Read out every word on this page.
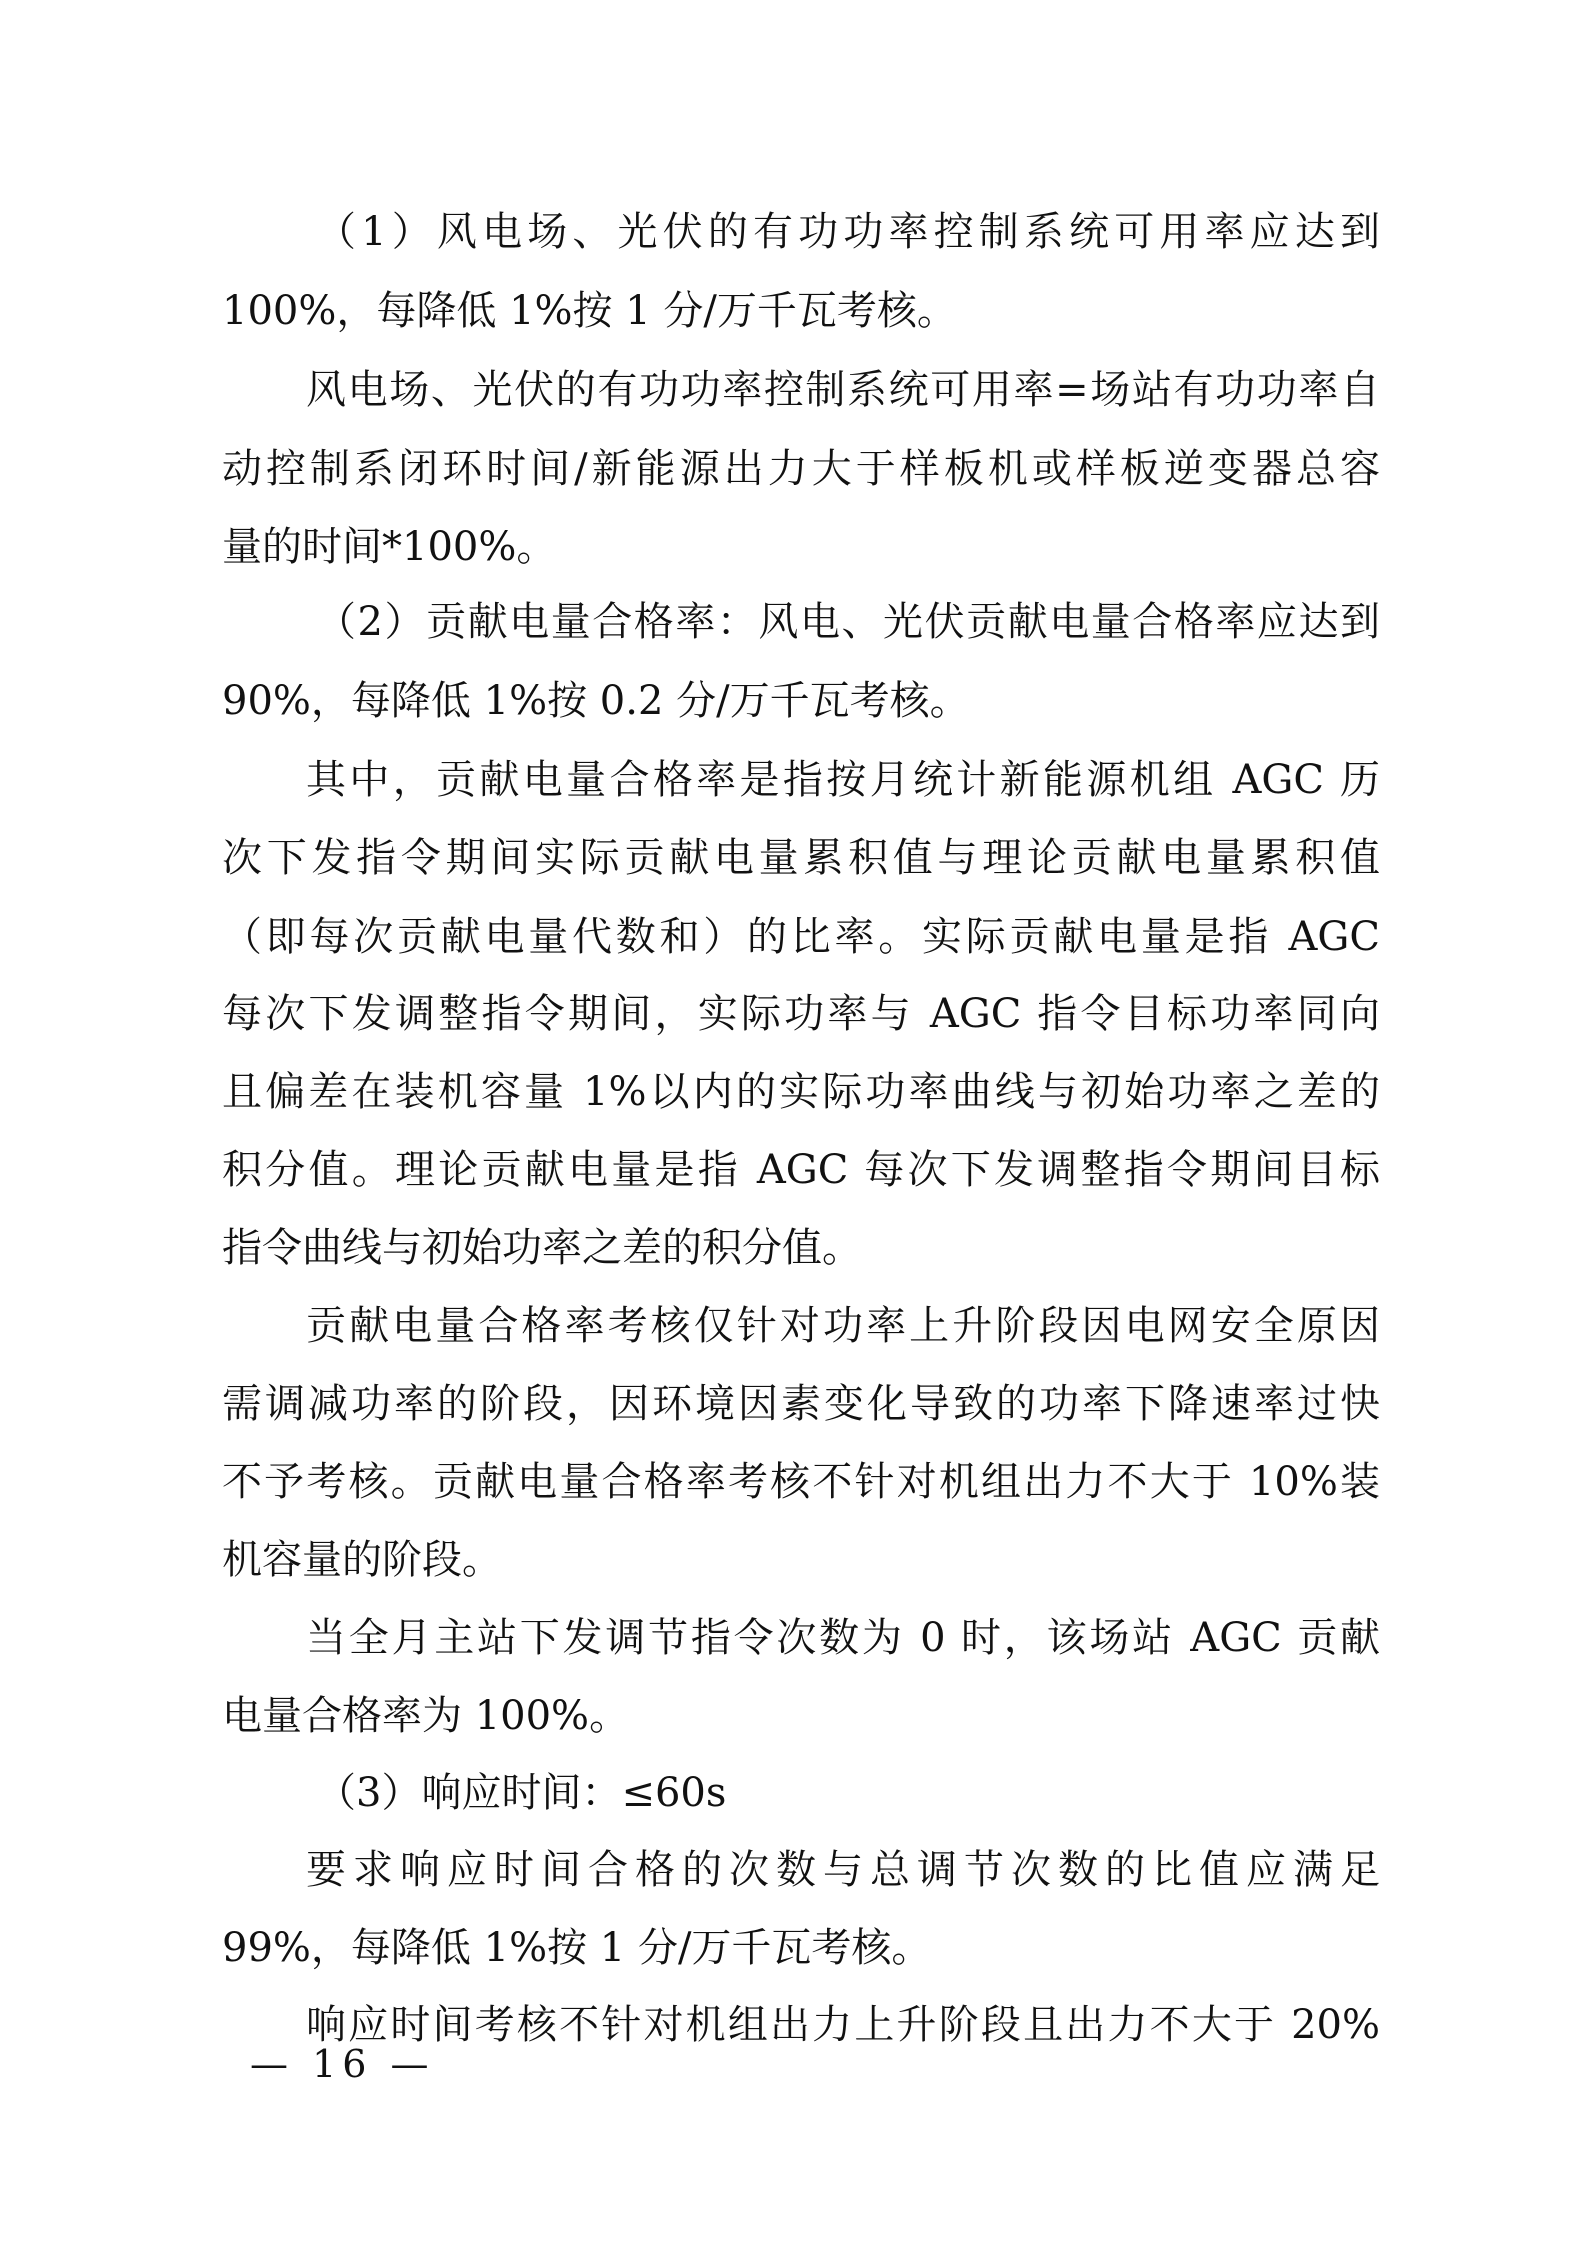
（1）风电场、光伏的有功功率控制系统可用率应达到
100%，每降低 1%按 1 分/万千瓦考核。
风电场、光伏的有功功率控制系统可用率=场站有功功率自
动控制系闭环时间/新能源出力大于样板机或样板逆变器总容
量的时间*100%。
（2）贡献电量合格率：风电、光伏贡献电量合格率应达到
90%，每降低 1%按 0.2 分/万千瓦考核。
其中，贡献电量合格率是指按月统计新能源机组 AGC 历
次下发指令期间实际贡献电量累积值与理论贡献电量累积值
（即每次贡献电量代数和）的比率。实际贡献电量是指 AGC
每次下发调整指令期间，实际功率与 AGC 指令目标功率同向
且偏差在装机容量 1%以内的实际功率曲线与初始功率之差的
积分值。理论贡献电量是指 AGC 每次下发调整指令期间目标
指令曲线与初始功率之差的积分值。
贡献电量合格率考核仅针对功率上升阶段因电网安全原因
需调减功率的阶段，因环境因素变化导致的功率下降速率过快
不予考核。贡献电量合格率考核不针对机组出力不大于 10%装
机容量的阶段。
当全月主站下发调节指令次数为 0 时，该场站 AGC 贡献
电量合格率为 100%。
（3）响应时间：≤60s
要求响应时间合格的次数与总调节次数的比值应满足
99%，每降低 1%按 1 分/万千瓦考核。
响应时间考核不针对机组出力上升阶段且出力不大于 20%
— 16 —
